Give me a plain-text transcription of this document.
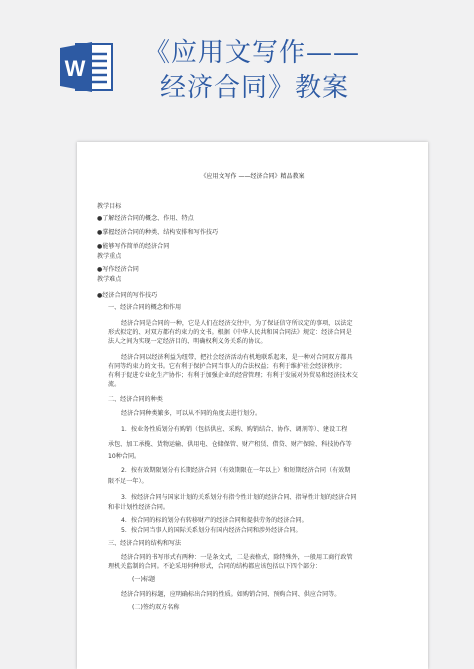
W
《应用文写作——
经济合同》教案
《应用文写作 ——经济合同》精品教案
教学目标
●了解经济合同的概念、作用、特点
●掌握经济合同的种类、结构安排和写作技巧
●能够写作简单的经济合同
教学重点
●写作经济合同
教学难点
●经济合同的写作技巧
一、经济合同的概念和作用
经济合同是合同的一种，它是人们在经济交往中，为了保证信守所议定的事项，以法定
形式拟定的、对双方都有约束力的文书。根据《中华人民共和国合同法》规定：经济合同是
法人之间为实现一定经济目的、明确权利义务关系的协议。
经济合同以经济利益为纽带，把社会经济活动有机地联系起来，是一种对合同双方都具
有同等约束力的文书。它有利于保护合同当事人的合法权益；有利于维护社会经济秩序；
有利于促进专业化生产协作；有利于加强企业的经营管理；有利于发展对外贸易和经济技术交
流。
二、经济合同的种类
经济合同种类繁多，可以从不同的角度去进行划分。
1．按业务性质划分有购销（包括供应、采购、购销结合、协作、调剂等）、建设工程
承包、加工承揽、货物运输、供用电、仓储保管、财产租赁、借贷、财产保险、科技协作等
10种合同。
2．按有效期限划分有长期经济合同（有效期限在一年以上）和短期经济合同（有效期
限不足一年）。
3．按经济合同与国家计划的关系划分有指令性计划的经济合同、指导性计划的经济合同
和非计划性经济合同。
4．按合同的标的划分有转移财产的经济合同和提供劳务的经济合同。
5．按合同当事人的国际关系划分有国内经济合同和涉外经济合同。
三、经济合同的结构和写法
经济合同的书写形式有两种：一是条文式，二是表格式，除特殊外，一般用工商行政管
理机关监制的合同。不论采用何种形式，合同的结构都应该包括以下四个部分：
(一)标题
经济合同的标题，应明确标出合同的性质。如购销合同、预购合同、供应合同等。
(二)签约双方名称
